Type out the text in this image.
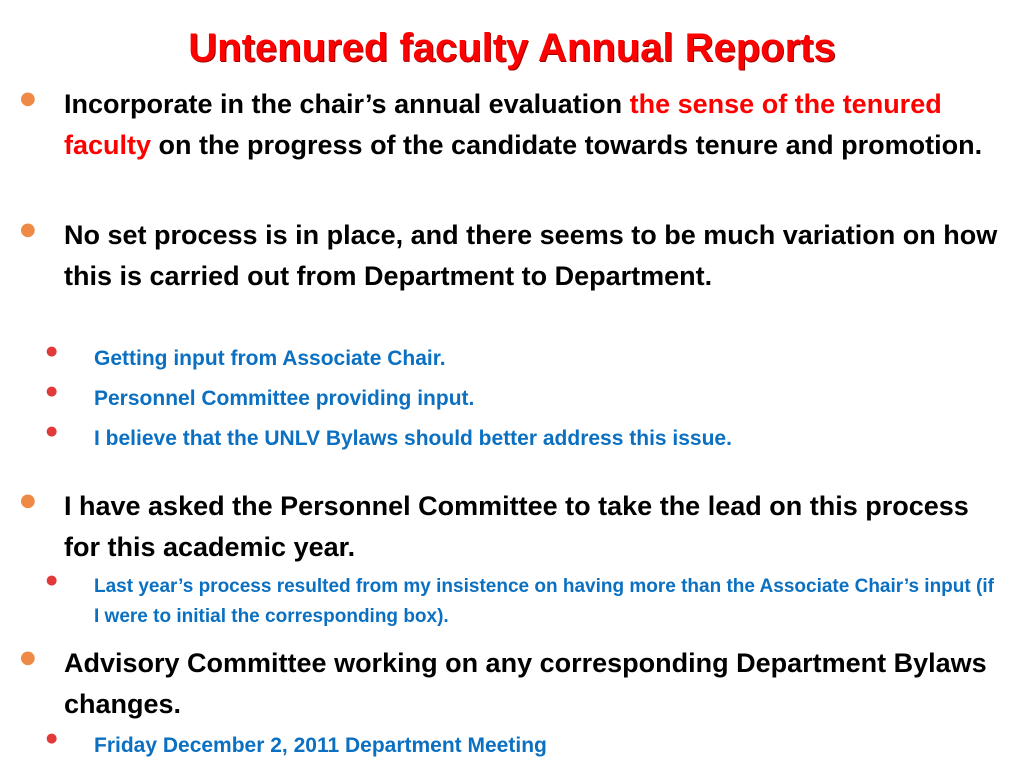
Untenured faculty Annual Reports
● Incorporate in the chair’s annual evaluation the sense of the tenured faculty on the progress of the candidate towards tenure and promotion.
● No set process is in place, and there seems to be much variation on how this is carried out from Department to Department.
● Getting input from Associate Chair.
● Personnel Committee providing input.
● I believe that the UNLV Bylaws should better address this issue.
● I have asked the Personnel Committee to take the lead on this process for this academic year.
● Last year’s process resulted from my insistence on having more than the Associate Chair’s input (if I were to initial the corresponding box).
● Advisory Committee working on any corresponding Department Bylaws changes.
● Friday December 2, 2011 Department Meeting
